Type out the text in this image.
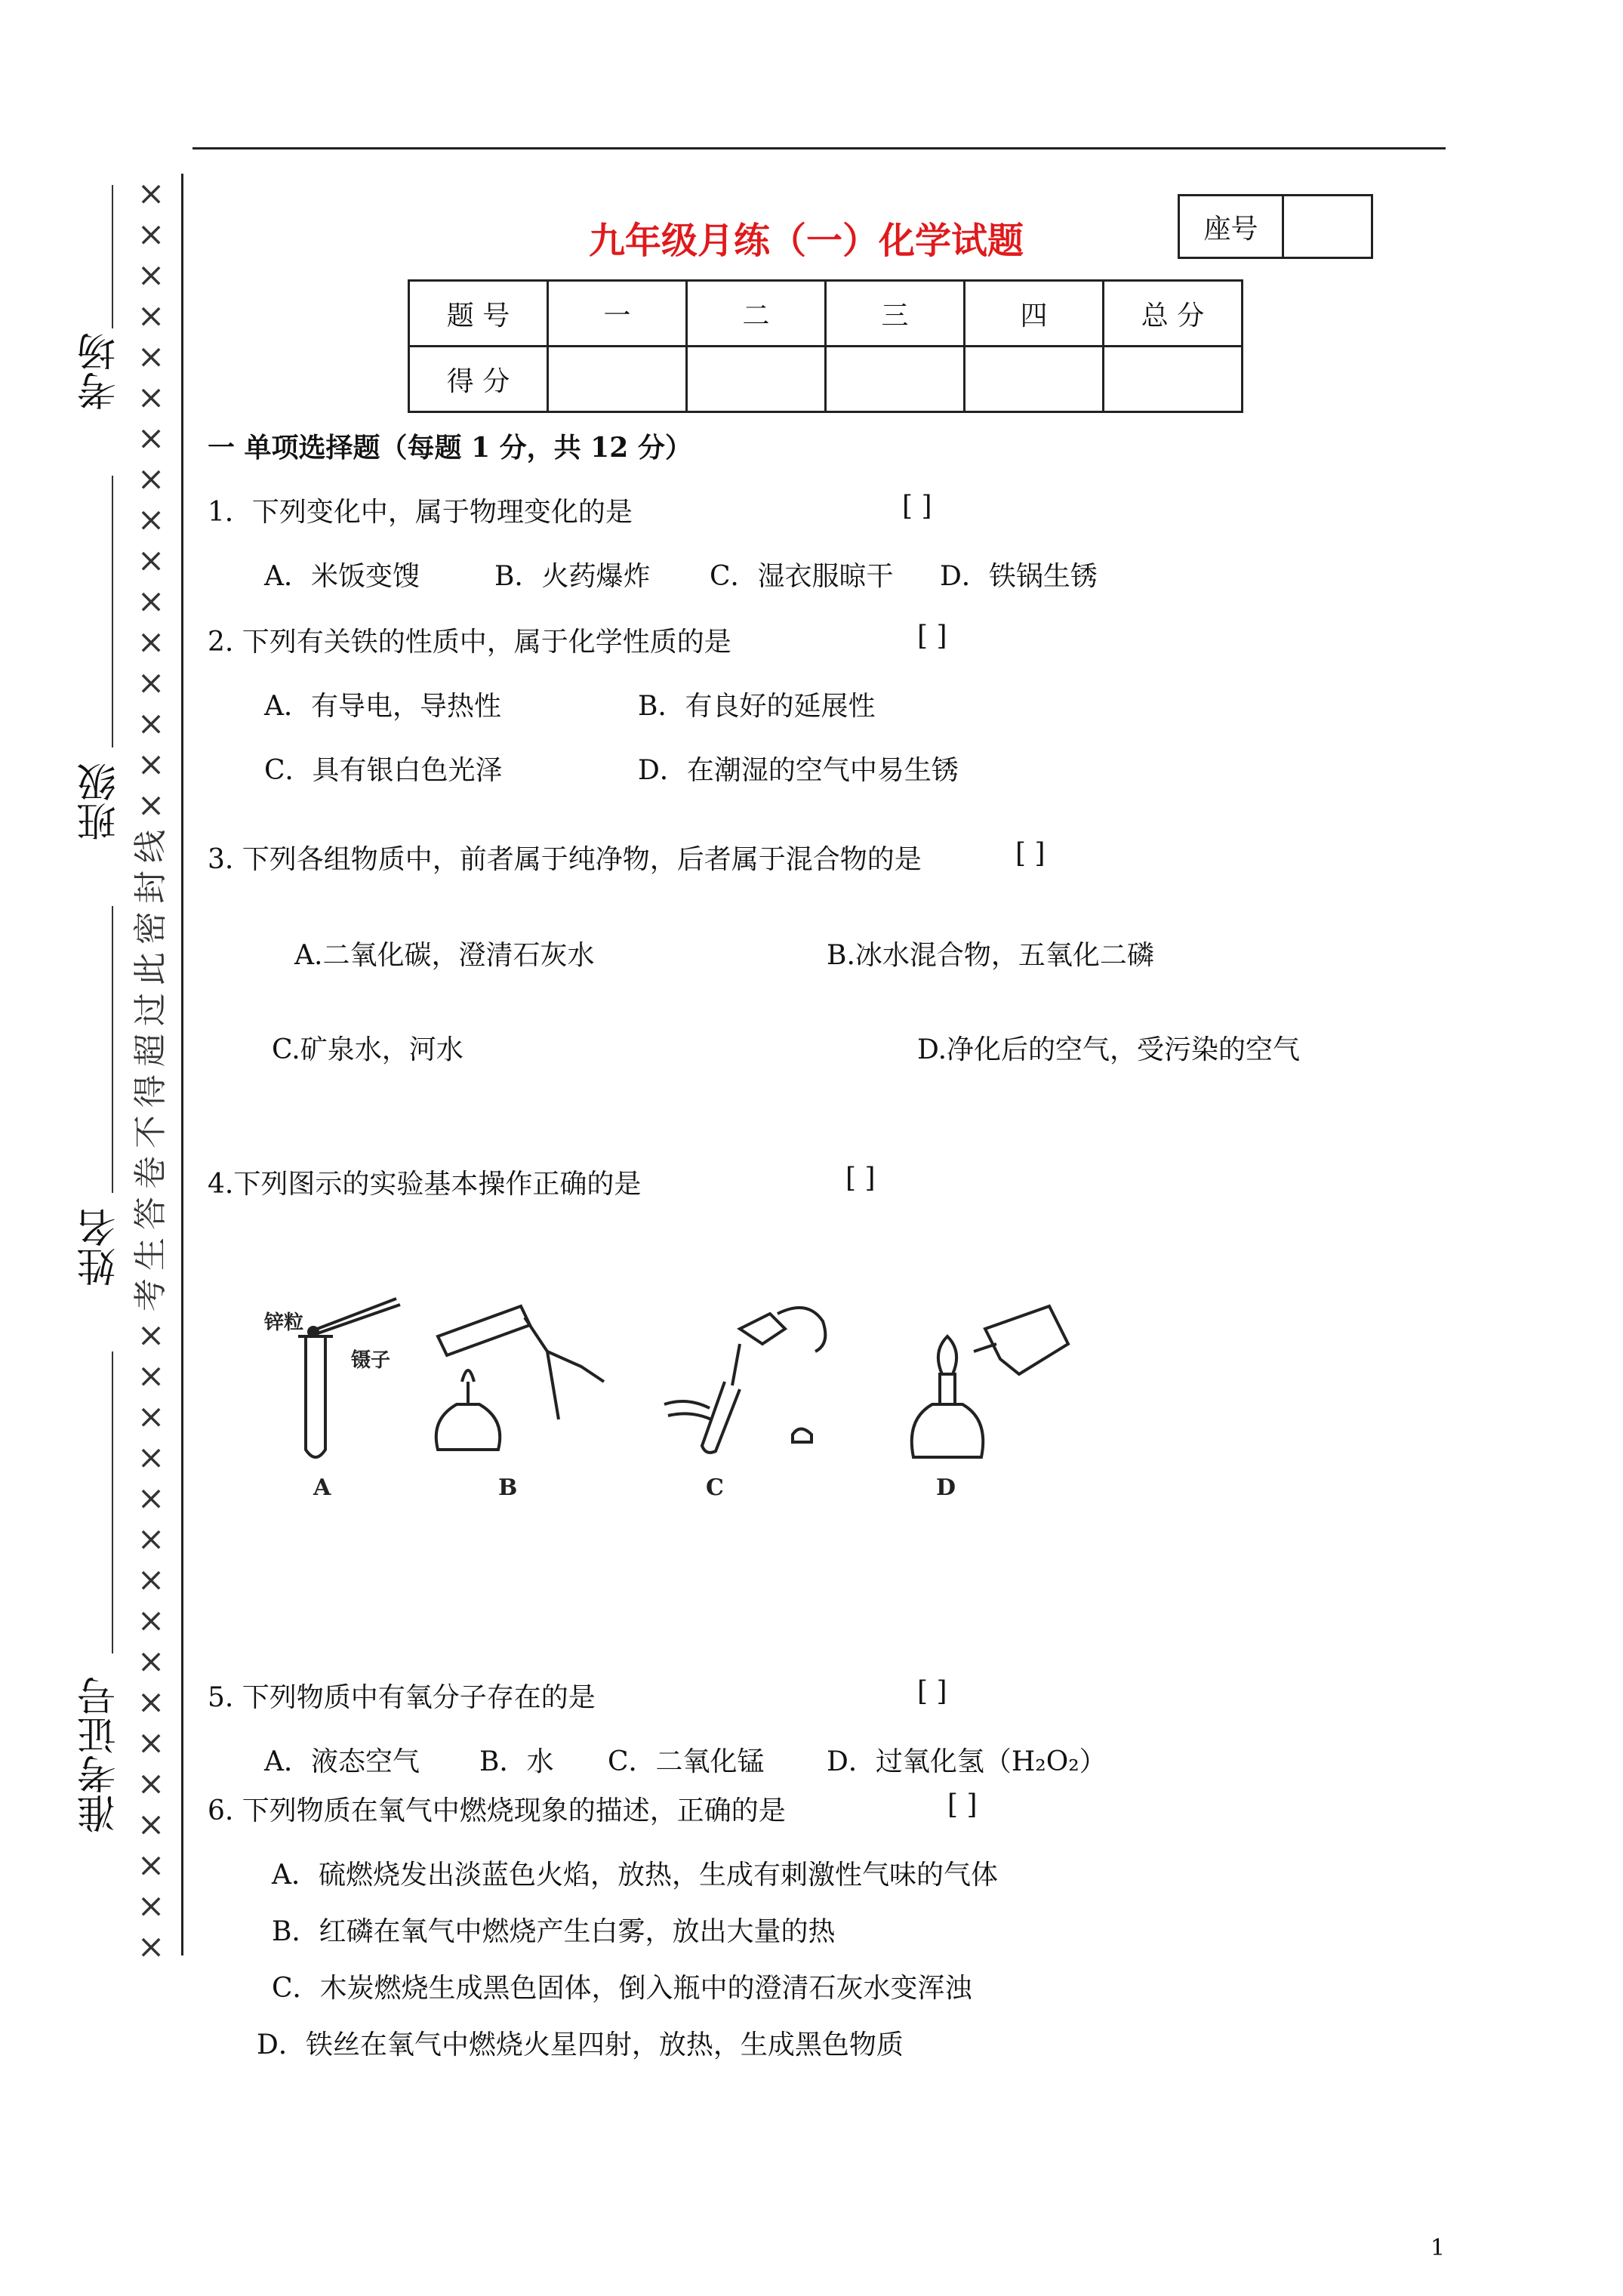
考场
班级
姓名
准考证号
×
×
×
×
×
×
×
×
×
×
×
×
×
×
×
×
线
封
密
此
过
超
得
不
卷
答
生
考
×
×
×
×
×
×
×
×
×
×
×
×
×
×
×
×
九年级月练（一）化学试题	座号
题 号	一	二	三	四	总 分
得 分					
一 单项选择题（每题 1 分，共 12 分）
1．下列变化中，属于物理变化的是	[ ]
A．米饭变馊	B．火药爆炸 C．湿衣服晾干 D．铁锅生锈
2. 下列有关铁的性质中，属于化学性质的是	[ ]
A．有导电，导热性	B．有良好的延展性
C．具有银白色光泽	D．在潮湿的空气中易生锈
3. 下列各组物质中，前者属于纯净物，后者属于混合物的是	[ ]
A.二氧化碳，澄清石灰水	B.冰水混合物，五氧化二磷
C.矿泉水，河水	D.净化后的空气，受污染的空气
4.下列图示的实验基本操作正确的是	[ ]
锌粒
镊子
A	B	C	D
5. 下列物质中有氧分子存在的是	[ ]
A．液态空气 B．水 C．二氧化锰 D．过氧化氢（H₂O₂）
6. 下列物质在氧气中燃烧现象的描述，正确的是	[ ]
A．硫燃烧发出淡蓝色火焰，放热，生成有刺激性气味的气体
B．红磷在氧气中燃烧产生白雾，放出大量的热
C．木炭燃烧生成黑色固体，倒入瓶中的澄清石灰水变浑浊
D．铁丝在氧气中燃烧火星四射，放热，生成黑色物质
1
